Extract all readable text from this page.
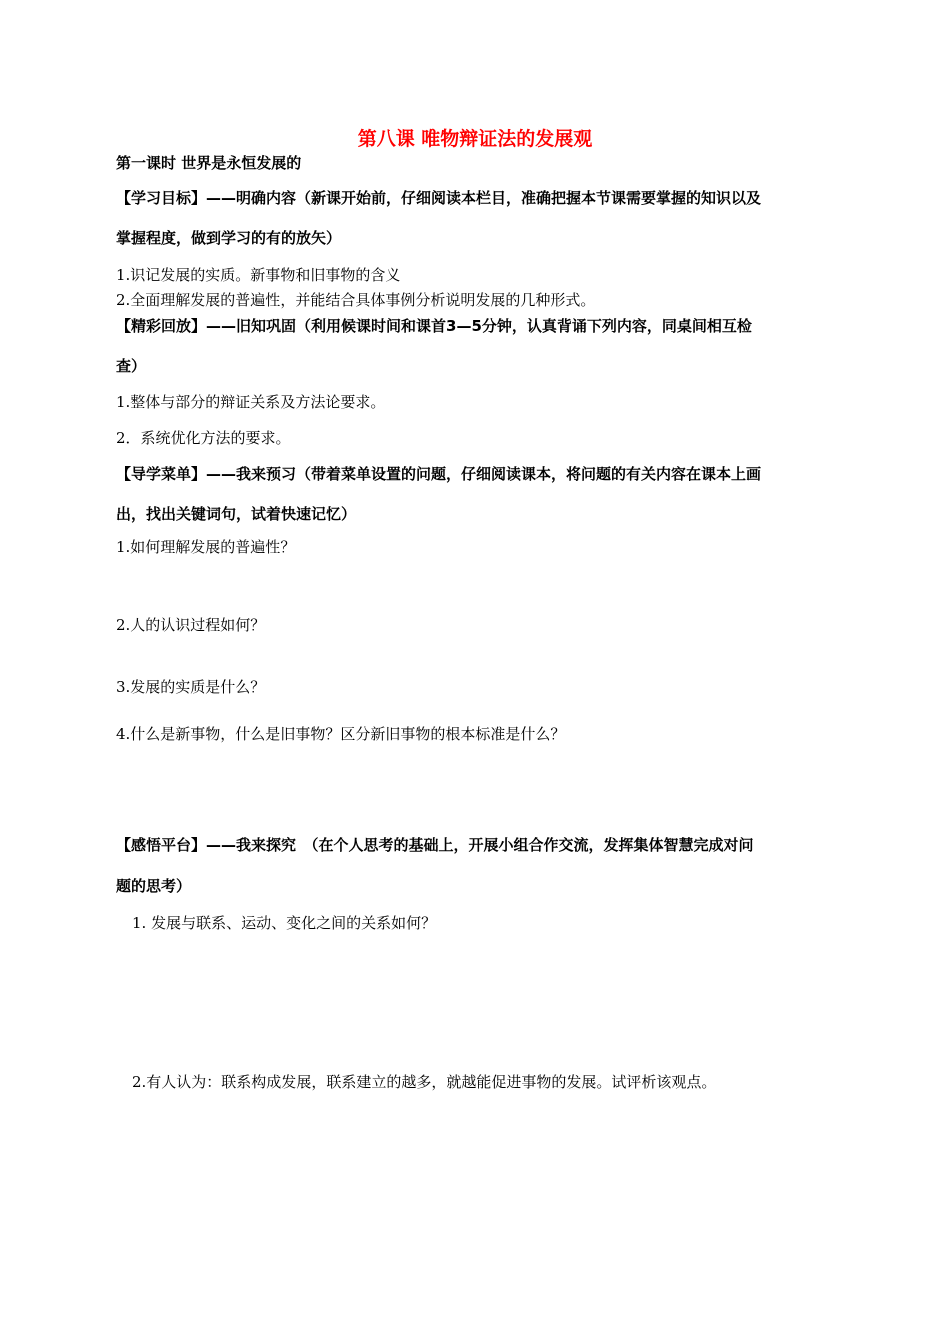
第八课 唯物辩证法的发展观
第一课时 世界是永恒发展的
【学习目标】——明确内容（新课开始前，仔细阅读本栏目，准确把握本节课需要掌握的知识以及
掌握程度，做到学习的有的放矢）
1.识记发展的实质。新事物和旧事物的含义
2.全面理解发展的普遍性，并能结合具体事例分析说明发展的几种形式。
【精彩回放】——旧知巩固（利用候课时间和课首3—5分钟，认真背诵下列内容，同桌间相互检
查）
1.整体与部分的辩证关系及方法论要求。
2．系统优化方法的要求。
【导学菜单】——我来预习（带着菜单设置的问题，仔细阅读课本，将问题的有关内容在课本上画
出，找出关键词句，试着快速记忆）
1.如何理解发展的普遍性？
2.人的认识过程如何？
3.发展的实质是什么？
4.什么是新事物，什么是旧事物？区分新旧事物的根本标准是什么？
【感悟平台】——我来探究　（在个人思考的基础上，开展小组合作交流，发挥集体智慧完成对问
题的思考）
1. 发展与联系、运动、变化之间的关系如何？
2.有人认为：联系构成发展，联系建立的越多，就越能促进事物的发展。试评析该观点。
